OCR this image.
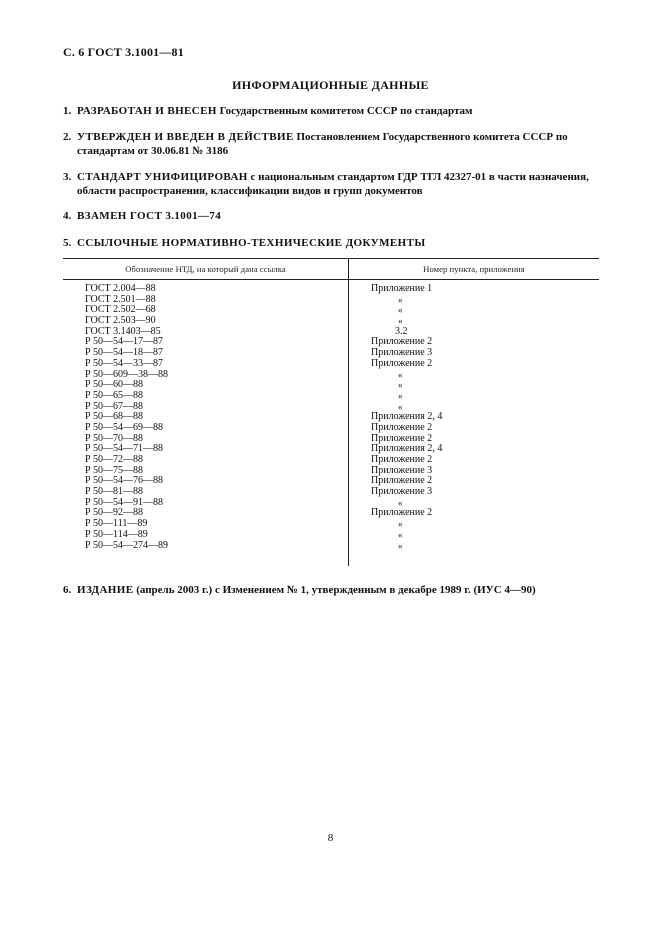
С. 6 ГОСТ 3.1001—81
ИНФОРМАЦИОННЫЕ ДАННЫЕ
1. РАЗРАБОТАН И ВНЕСЕН Государственным комитетом СССР по стандартам
2. УТВЕРЖДЕН И ВВЕДЕН В ДЕЙСТВИЕ Постановлением Государственного комитета СССР по стандартам от 30.06.81 № 3186
3. СТАНДАРТ УНИФИЦИРОВАН с национальным стандартом ГДР ТГЛ 42327-01 в части назначения, области распространения, классификации видов и групп документов
4. ВЗАМЕН ГОСТ 3.1001—74
5. ССЫЛОЧНЫЕ НОРМАТИВНО-ТЕХНИЧЕСКИЕ ДОКУМЕНТЫ
Обозначение НТД, на который дана ссылка	Номер пункта, приложения
ГОСТ 2.004—88	Приложение 1
ГОСТ 2.501—88	«
ГОСТ 2.502—68	«
ГОСТ 2.503—90	«
ГОСТ 3.1403—85	3.2
Р 50—54—17—87	Приложение 2
Р 50—54—18—87	Приложение 3
Р 50—54—33—87	Приложение 2
Р 50—609—38—88	«
Р 50—60—88	«
Р 50—65—88	«
Р 50—67—88	«
Р 50—68—88	Приложения 2, 4
Р 50—54—69—88	Приложение 2
Р 50—70—88	Приложение 2
Р 50—54—71—88	Приложения 2, 4
Р 50—72—88	Приложение 2
Р 50—75—88	Приложение 3
Р 50—54—76—88	Приложение 2
Р 50—81—88	Приложение 3
Р 50—54—91—88	«
Р 50—92—88	Приложение 2
Р 50—111—89	«
Р 50—114—89	«
Р 50—54—274—89	«
6. ИЗДАНИЕ (апрель 2003 г.) с Изменением № 1, утвержденным в декабре 1989 г. (ИУС 4—90)
8
